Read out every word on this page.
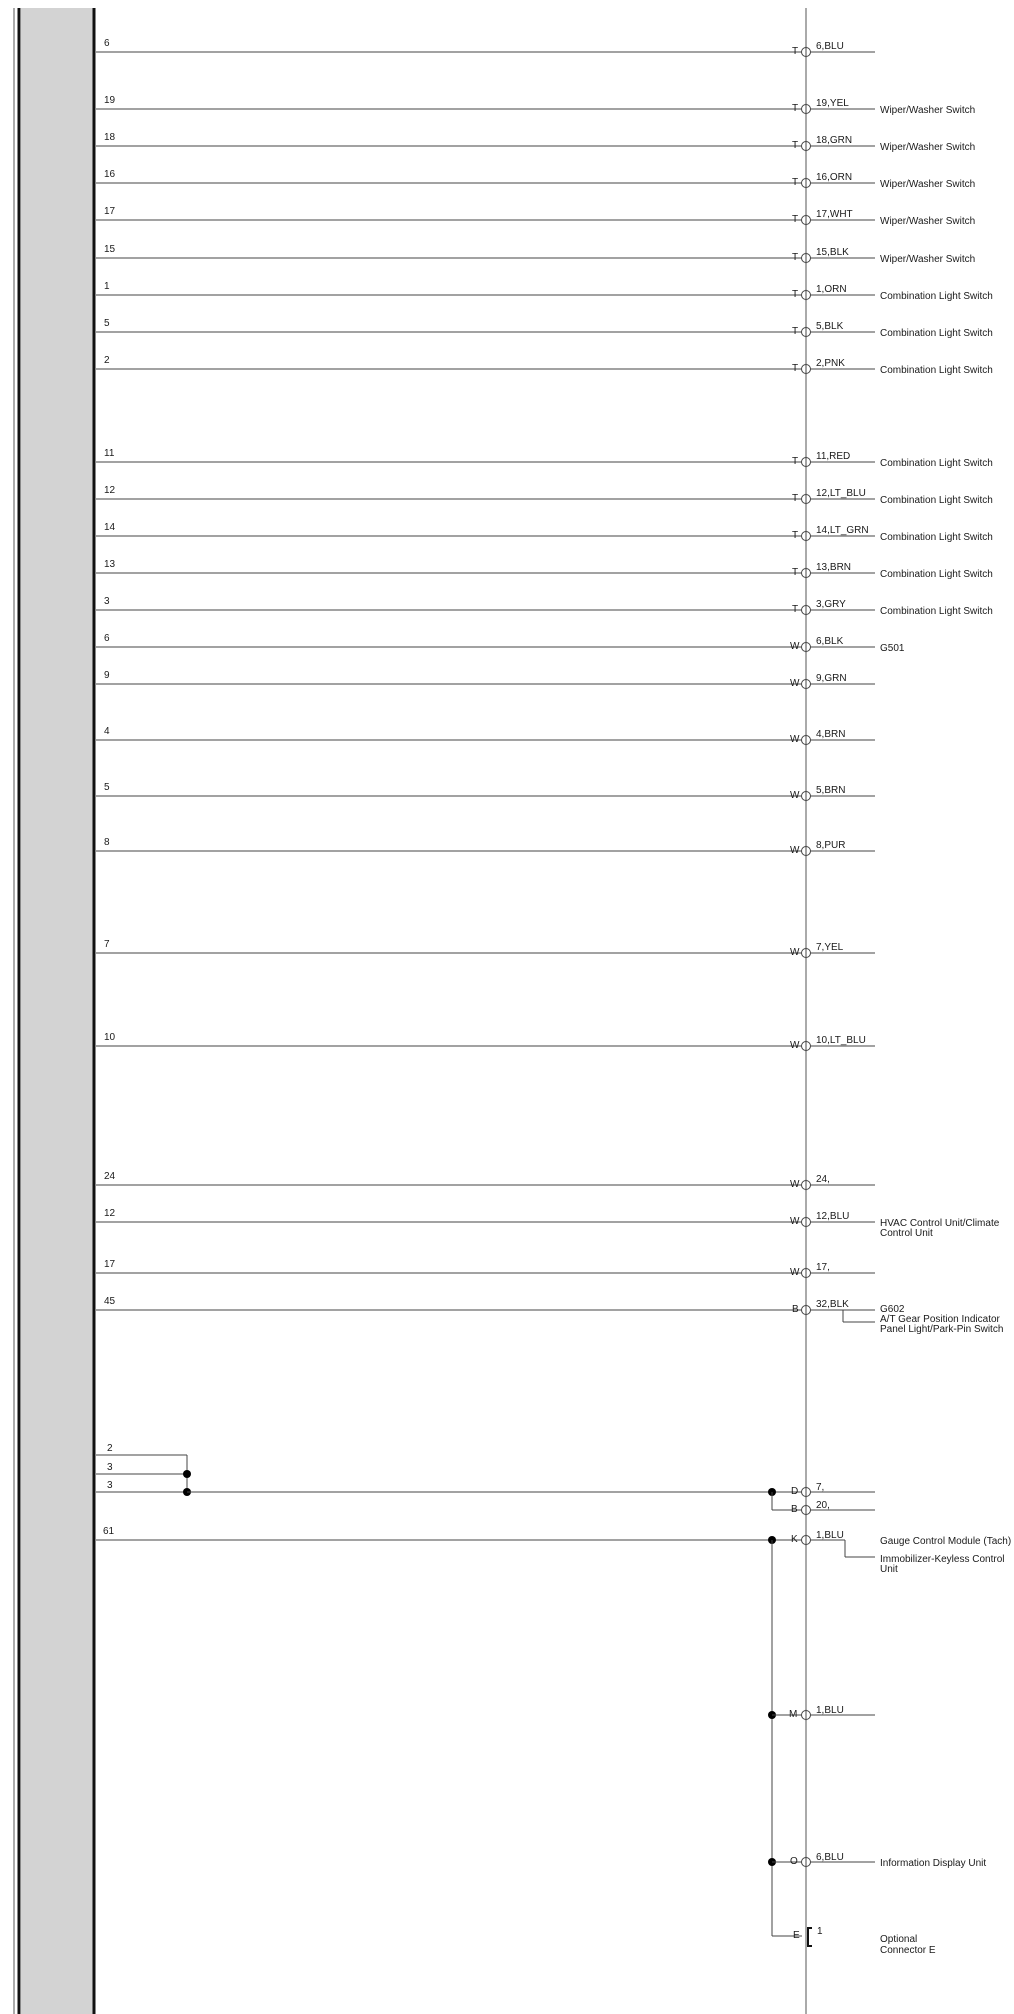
6
T 6,BLU
19
T 19,YEL
Wiper/Washer Switch
18
T 18,GRN
Wiper/Washer Switch
16
T 16,ORN
Wiper/Washer Switch
17
T 17,WHT
Wiper/Washer Switch
15
T 15,BLK
Wiper/Washer Switch
1
T 1,ORN
Combination Light Switch
5
T 5,BLK
Combination Light Switch
2
T 2,PNK
Combination Light Switch
11
T 11,RED
Combination Light Switch
12
T 12,LT_BLU
Combination Light Switch
14
T 14,LT_GRN
Combination Light Switch
13
T 13,BRN
Combination Light Switch
3
T 3,GRY
Combination Light Switch
6
W 6,BLK
G501
9
W 9,GRN
4
W 4,BRN
5
W 5,BRN
8
W 8,PUR
7
W 7,YEL
10
W 10,LT_BLU
24
W 24,
12
W 12,BLU
HVAC Control Unit/Climate
Control Unit
17
W 17,
45
B 32,BLK	G602
A/T Gear Position Indicator
Panel Light/Park-Pin Switch
2
3
3
61
D
B
7,
20,
K 1,BLU
Gauge Control Module (Tach)
Immobilizer-Keyless Control
Unit
M 1,BLU
O 6,BLU
Information Display Unit
E 1
Optional
Connector E
